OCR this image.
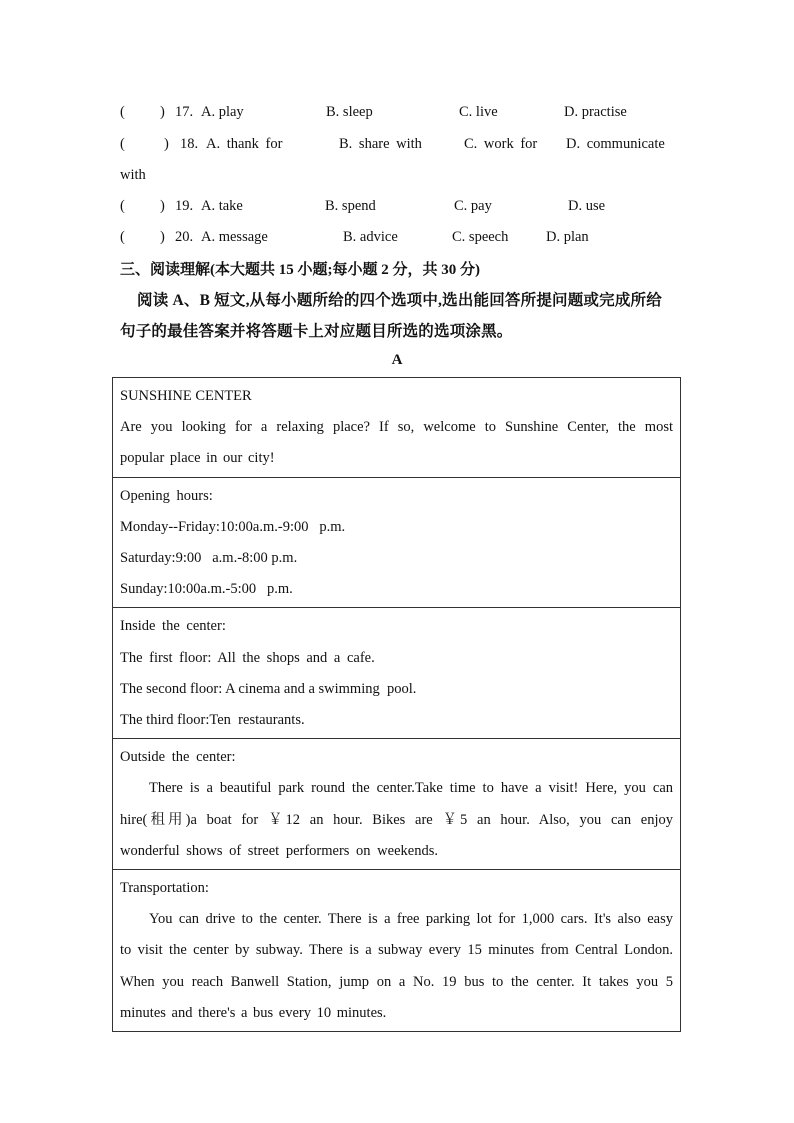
( ) 17. A. play	B. sleep	C. live	D. practise
(	) 18. A. thank for	B. share with	C. work for D. communicate
with
( ) 19. A. take	B. spend	C. pay	D. use
( ) 20. A. message	B. advice	C. speech	D. plan
三、阅读理解(本大题共 15 小题;每小题 2 分，共 30 分)
阅读 A、B 短文,从每小题所给的四个选项中,选出能回答所提问题或完成所给
句子的最佳答案并将答题卡上对应题目所选的选项涂黑。
A
SUNSHINE CENTER
Are you looking for a relaxing place? If so, welcome to Sunshine Center, the most popular place in our city!

Opening hours:
Monday--Friday:10:00a.m.-9:00   p.m.
Saturday:9:00   a.m.-8:00 p.m.
Sunday:10:00a.m.-5:00   p.m.

Inside the center:
The first floor: All the shops and a cafe.
The second floor: A cinema and a swimming  pool.
The third floor:Ten  restaurants.

Outside the center:
There is a beautiful park round the center.Take time to have a visit! Here, you can hire(租用)a boat for ￥12 an hour. Bikes are ￥5 an hour. Also, you can enjoy wonderful shows of street performers on weekends.

Transportation:
You can drive to the center. There is a free parking lot for 1,000 cars. It's also easy to visit the center by subway. There is a subway every 15 minutes from Central London. When you reach Banwell Station, jump on a No. 19 bus to the center. It takes you 5 minutes and there's a bus every 10 minutes.
